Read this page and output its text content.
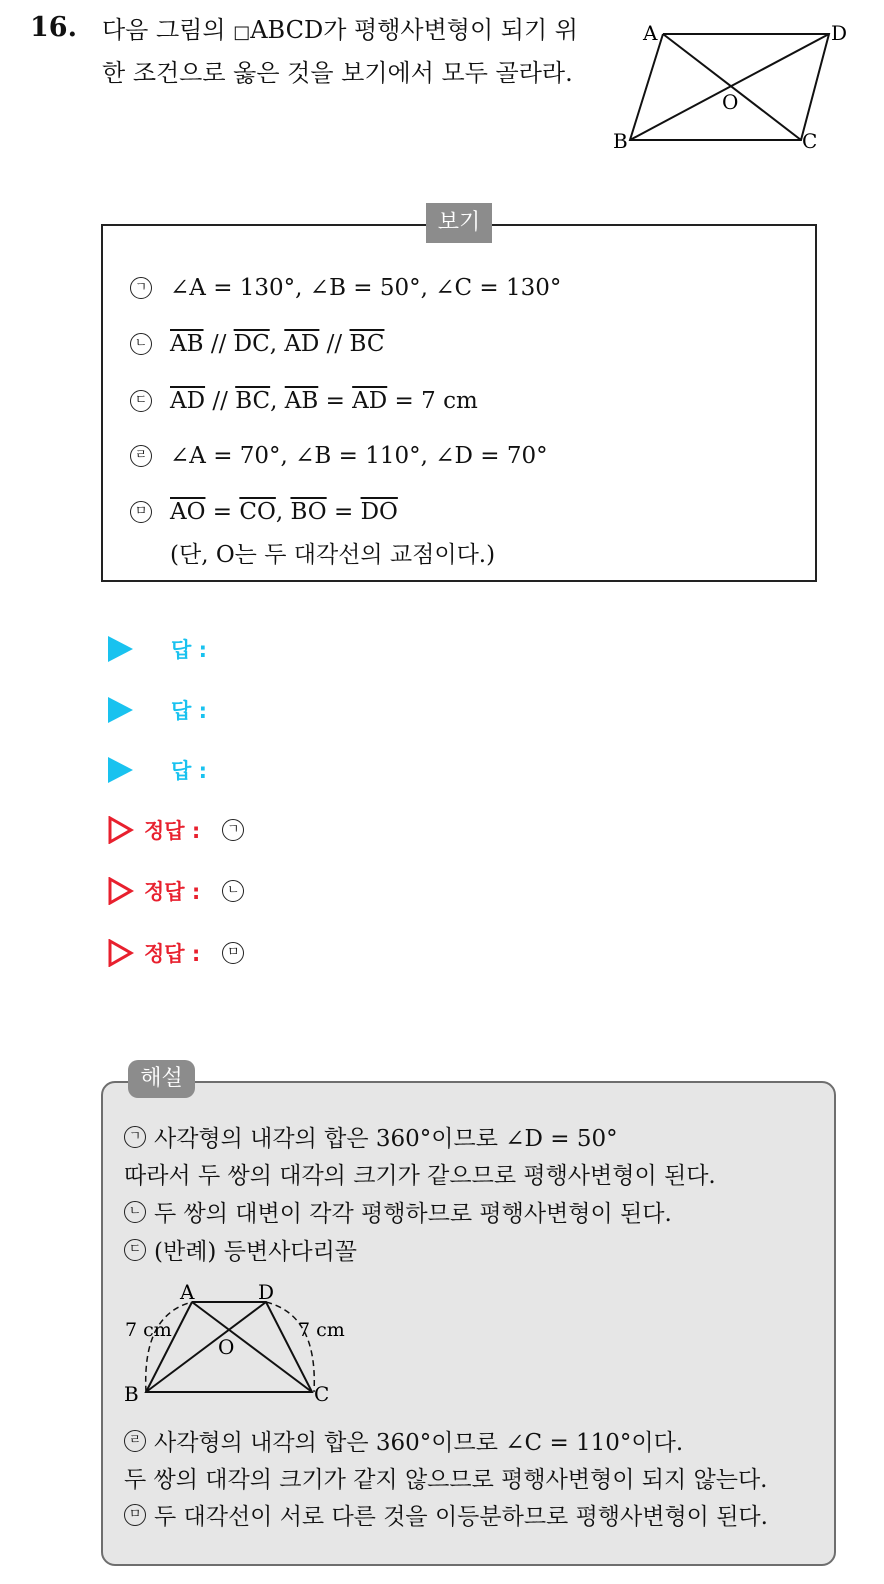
16. 다음 그림의 □ABCD가 평행사변형이 되기 위한 조건으로 옳은 것을 보기에서 모두 골라라.
A
B	C
D
O
보기
ㄱ ∠A = 130°, ∠B = 50°, ∠C = 130°
ㄴ $\overline{AB} // \overline{DC}$ , $\overline{AD} // \overline{BC}$
ㄷ $\overline{AD} // \overline{BC}$ , $\overline{AB} = \overline{AD} = 7$ cm
ㄹ ∠A = 70°, ∠B = 110°, ∠D = 70°
ㅁ $\overline{AO} = \overline{CO}$ , $\overline{BO} = \overline{DO}$
(단, O는 두 대각선의 교점이다.)
답 :
답 :
답 :
정답 :	ㄱ
정답 :	ㄴ
정답 :	ㅁ
해설
ㄱ 사각형의 내각의 합은 360°이므로 ∠D = 50°
따라서 두 쌍의 대각의 크기가 같으므로 평행사변형이 된다.
ㄴ 두 쌍의 대변이 각각 평행하므로 평행사변형이 된다.
ㄷ (반례) 등변사다리꼴
A	D
B	C
O
7 cm	7 cm
ㄹ 사각형의 내각의 합은 360°이므로 ∠C = 110°이다.
두 쌍의 대각의 크기가 같지 않으므로 평행사변형이 되지 않는다.
ㅁ 두 대각선이 서로 다른 것을 이등분하므로 평행사변형이 된다.
